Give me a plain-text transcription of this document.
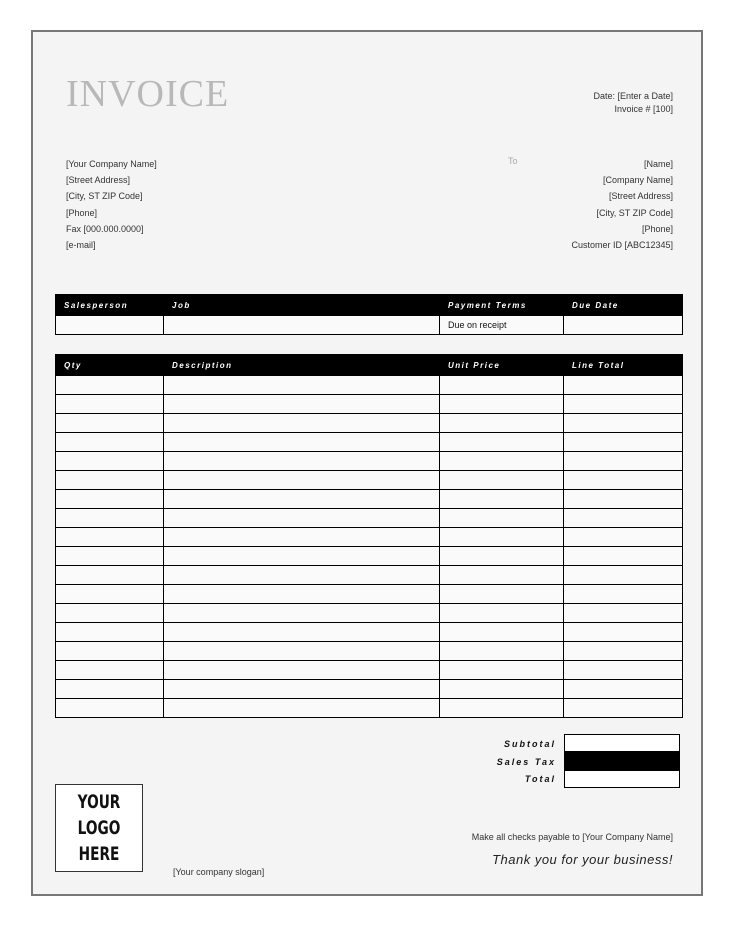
INVOICE	Date: [Enter a Date]
Invoice # [100]
[Your Company Name]
[Street Address]
[City, ST ZIP Code]
[Phone]
Fax [000.000.0000]
[e-mail]
To	[Name]
[Company Name]
[Street Address]
[City, ST ZIP Code]
[Phone]
Customer ID [ABC12345]
Salesperson	Job	Payment Terms	Due Date
		Due on receipt	
Qty	Description	Unit Price	Line Total

Subtotal
Sales Tax
Total
YOUR LOGO
HERE
[Your company slogan]
Make all checks payable to [Your Company Name]
Thank you for your business!
